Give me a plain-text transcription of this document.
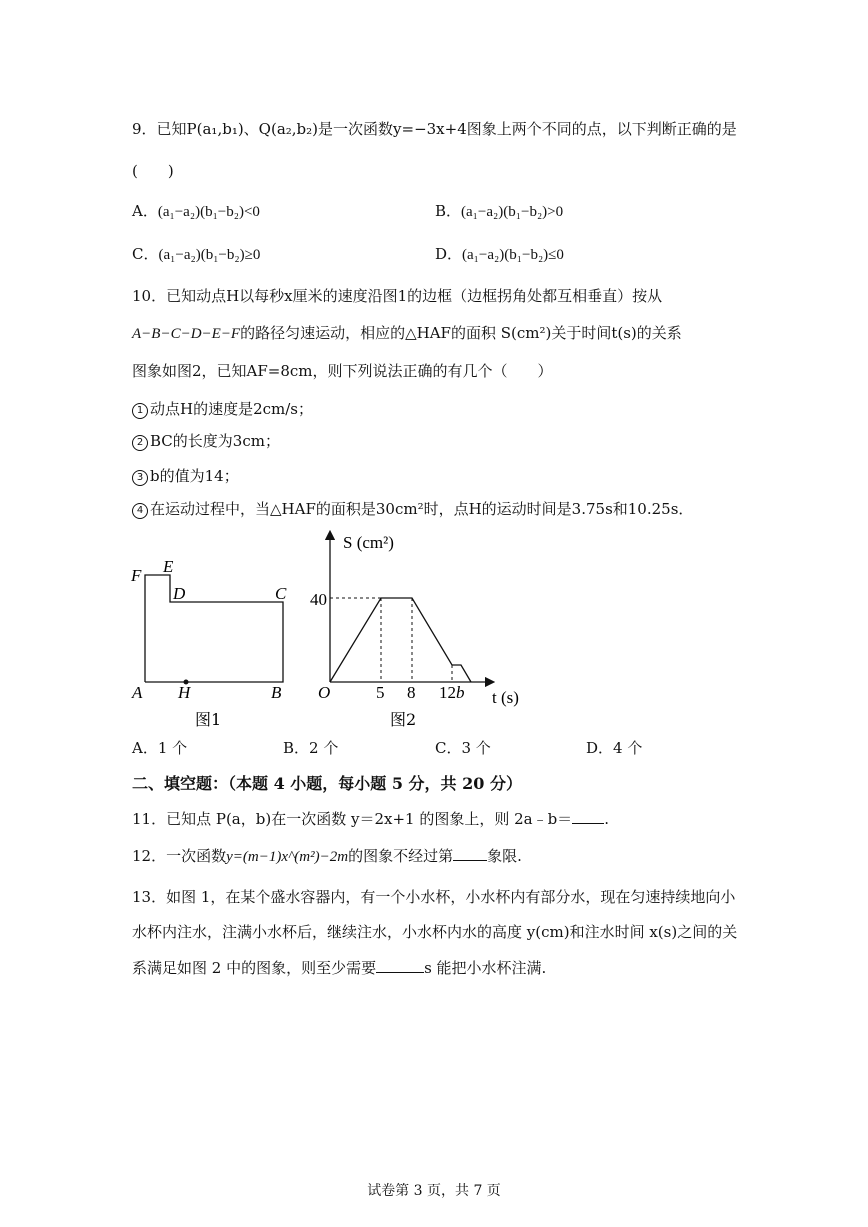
9．已知P(a₁,b₁)、Q(a₂,b₂)是一次函数y=−3x+4图象上两个不同的点，以下判断正确的是
(　　)
A．(a₁−a₂)(b₁−b₂)<0	B．(a₁−a₂)(b₁−b₂)>0
C．(a₁−a₂)(b₁−b₂)≥0	D．(a₁−a₂)(b₁−b₂)≤0
10．已知动点H以每秒x厘米的速度沿图1的边框（边框拐角处都互相垂直）按从
A−B−C−D−E−F的路径匀速运动，相应的△HAF的面积 S(cm²)关于时间t(s)的关系
图象如图2，已知AF=8cm，则下列说法正确的有几个（　　）
1 动点H的速度是2cm/s；
2 BC的长度为3cm；
3 b的值为14；
4 在运动过程中，当△HAF的面积是30cm²时，点H的运动时间是3.75s和10.25s．
F E
D	C
A H	B
图1
S (cm²)
40
O	5 8 12 b t (s)
图2
A．1 个	B．2 个	C．3 个	D．4 个
二、填空题：（本题 4 小题，每小题 5 分，共 20 分）
11．已知点 P(a，b)在一次函数 y＝2x+1 的图象上，则 2a﹣b＝ .
12．一次函数y=(m−1)x^(m²)−2m的图象不经过第 象限.
13．如图 1，在某个盛水容器内，有一个小水杯，小水杯内有部分水，现在匀速持续地向小
水杯内注水，注满小水杯后，继续注水，小水杯内水的高度 y(cm)和注水时间 x(s)之间的关
系满足如图 2 中的图象，则至少需要	s 能把小水杯注满.
试卷第 3 页，共 7 页
